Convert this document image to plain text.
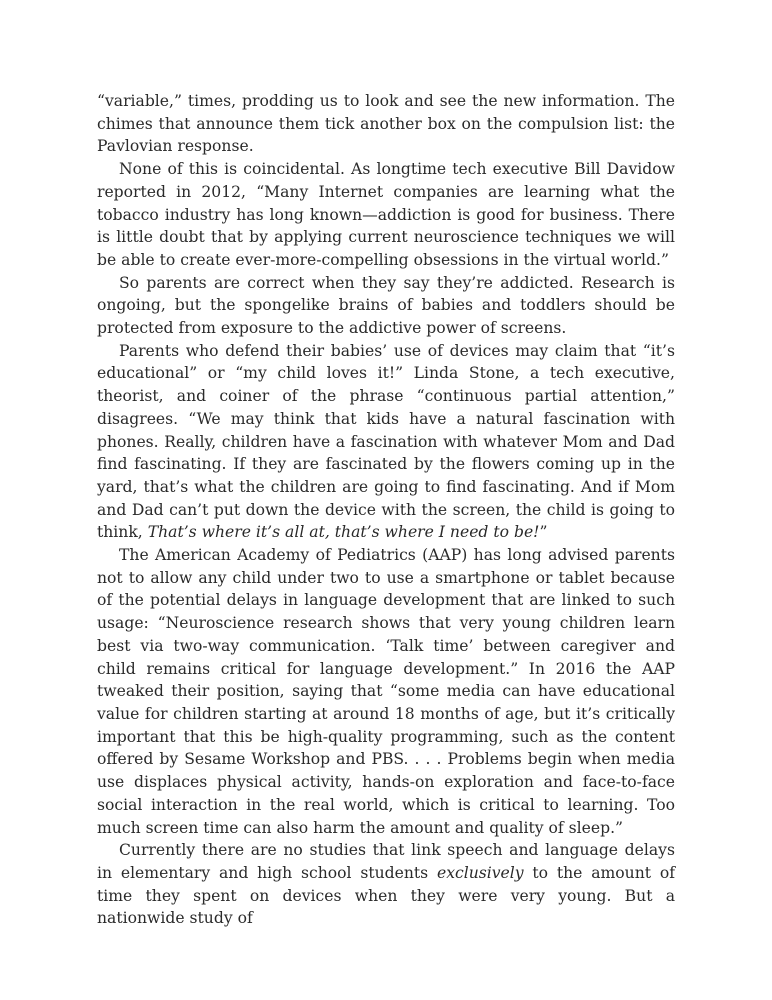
“variable,” times, prodding us to look and see the new information. The chimes that announce them tick another box on the compulsion list: the Pavlovian response.

None of this is coincidental. As longtime tech executive Bill Davidow reported in 2012, “Many Internet companies are learning what the tobacco industry has long known—addiction is good for business. There is little doubt that by applying current neuroscience techniques we will be able to create ever-more-compelling obsessions in the virtual world.”

So parents are correct when they say they’re addicted. Research is ongoing, but the spongelike brains of babies and toddlers should be protected from exposure to the addictive power of screens.

Parents who defend their babies’ use of devices may claim that “it’s educational” or “my child loves it!” Linda Stone, a tech executive, theorist, and coiner of the phrase “continuous partial attention,” disagrees. “We may think that kids have a natural fascination with phones. Really, children have a fascination with whatever Mom and Dad find fascinating. If they are fascinated by the flowers coming up in the yard, that’s what the children are going to find fascinating. And if Mom and Dad can’t put down the device with the screen, the child is going to think, That’s where it’s all at, that’s where I need to be!”

The American Academy of Pediatrics (AAP) has long advised parents not to allow any child under two to use a smartphone or tablet because of the potential delays in language development that are linked to such usage: “Neuroscience research shows that very young children learn best via two-way communication. ‘Talk time’ between caregiver and child remains critical for language development.” In 2016 the AAP tweaked their position, saying that “some media can have educational value for children starting at around 18 months of age, but it’s critically important that this be high-quality programming, such as the content offered by Sesame Workshop and PBS. . . . Problems begin when media use displaces physical activity, hands-on exploration and face-to-face social interaction in the real world, which is critical to learning. Too much screen time can also harm the amount and quality of sleep.”

Currently there are no studies that link speech and language delays in elementary and high school students exclusively to the amount of time they spent on devices when they were very young. But a nationwide study of
